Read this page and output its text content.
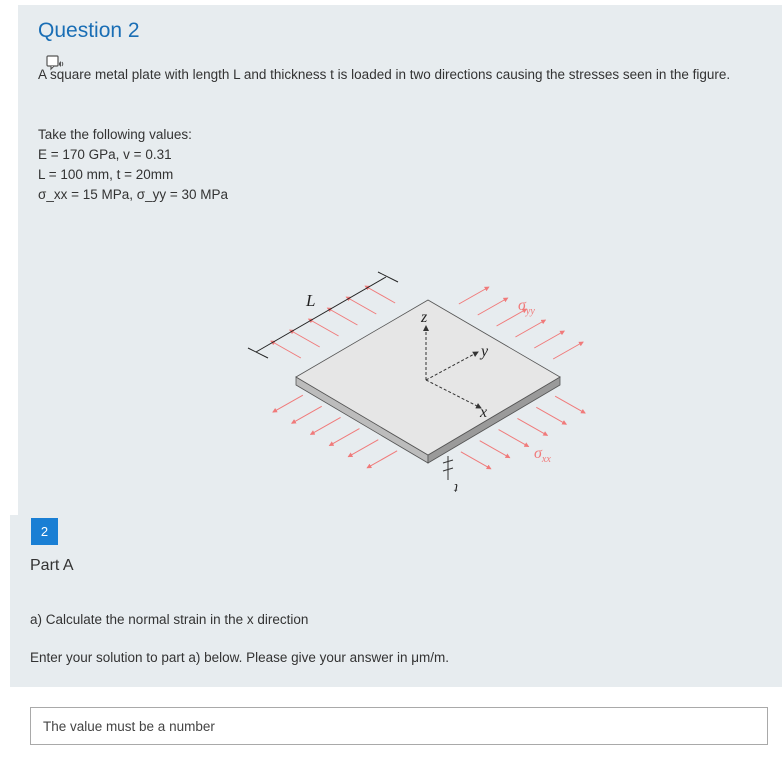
Question 2
A square metal plate with length L and thickness t is loaded in two directions causing the stresses seen in the figure.
Take the following values:
E = 170 GPa, v = 0.31
L = 100 mm, t = 20mm
σ_xx = 15 MPa, σ_yy = 30 MPa
L
z
y
x
t
$\sigma_{yy}$
$\sigma_{xx}$
2
Part A
a) Calculate the normal strain in the x direction
Enter your solution to part a) below. Please give your answer in μm/m.
The value must be a number
